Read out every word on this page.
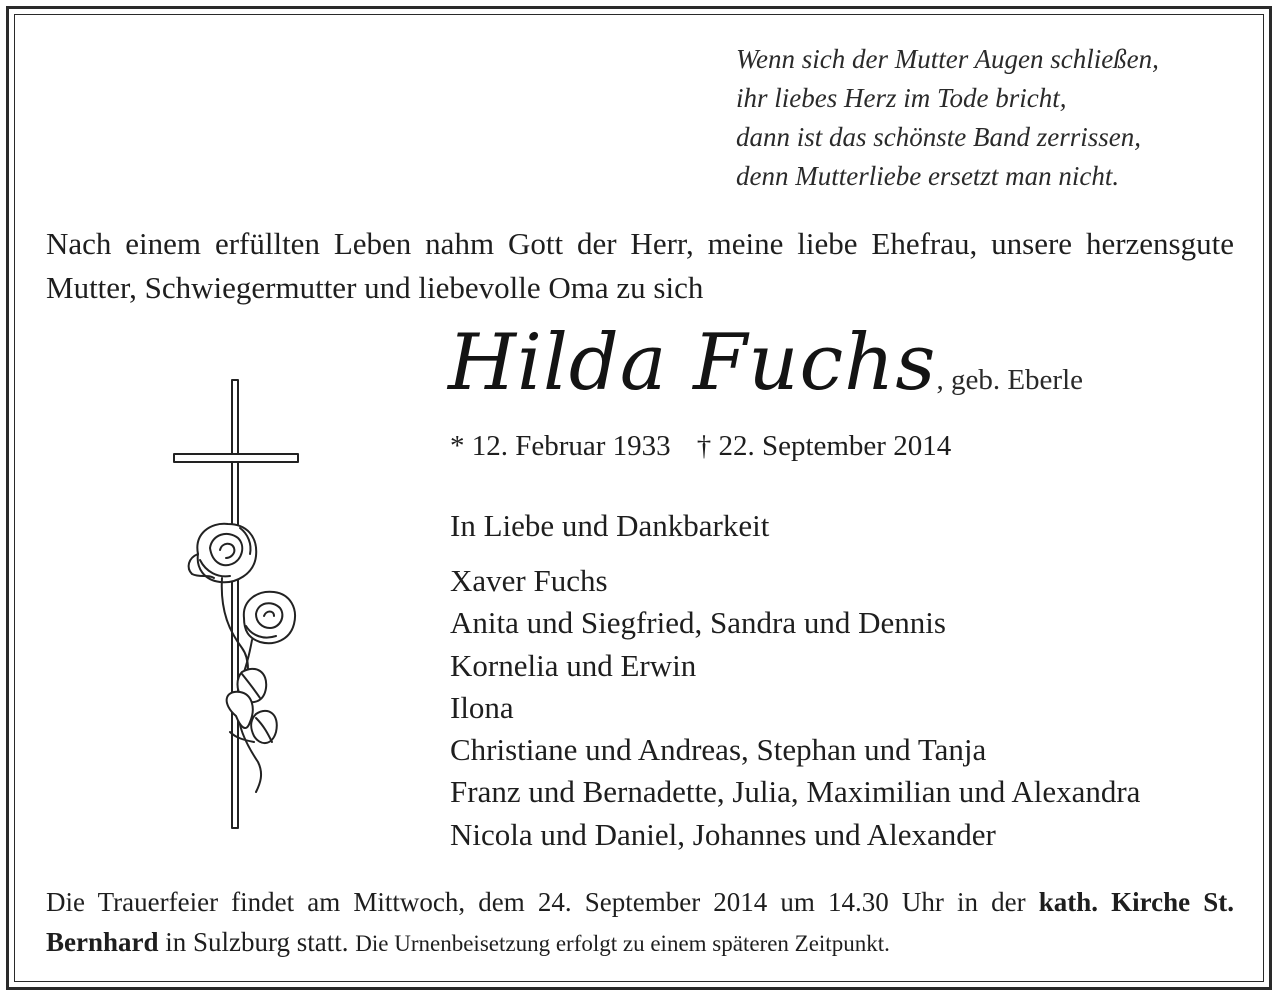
Wenn sich der Mutter Augen schließen,
ihr liebes Herz im Tode bricht,
dann ist das schönste Band zerrissen,
denn Mutterliebe ersetzt man nicht.
Nach einem erfüllten Leben nahm Gott der Herr, meine liebe Ehefrau, unsere herzensgute Mutter, Schwiegermutter und liebevolle Oma zu sich
Hilda Fuchs, geb. Eberle
* 12. Februar 1933 † 22. September 2014
In Liebe und Dankbarkeit
Xaver Fuchs
Anita und Siegfried, Sandra und Dennis
Kornelia und Erwin
Ilona
Christiane und Andreas, Stephan und Tanja
Franz und Bernadette, Julia, Maximilian und Alexandra
Nicola und Daniel, Johannes und Alexander
Die Trauerfeier findet am Mittwoch, dem 24. September 2014 um 14.30 Uhr in der kath. Kirche St. Bernhard in Sulzburg statt. Die Urnenbeisetzung erfolgt zu einem späteren Zeitpunkt.
